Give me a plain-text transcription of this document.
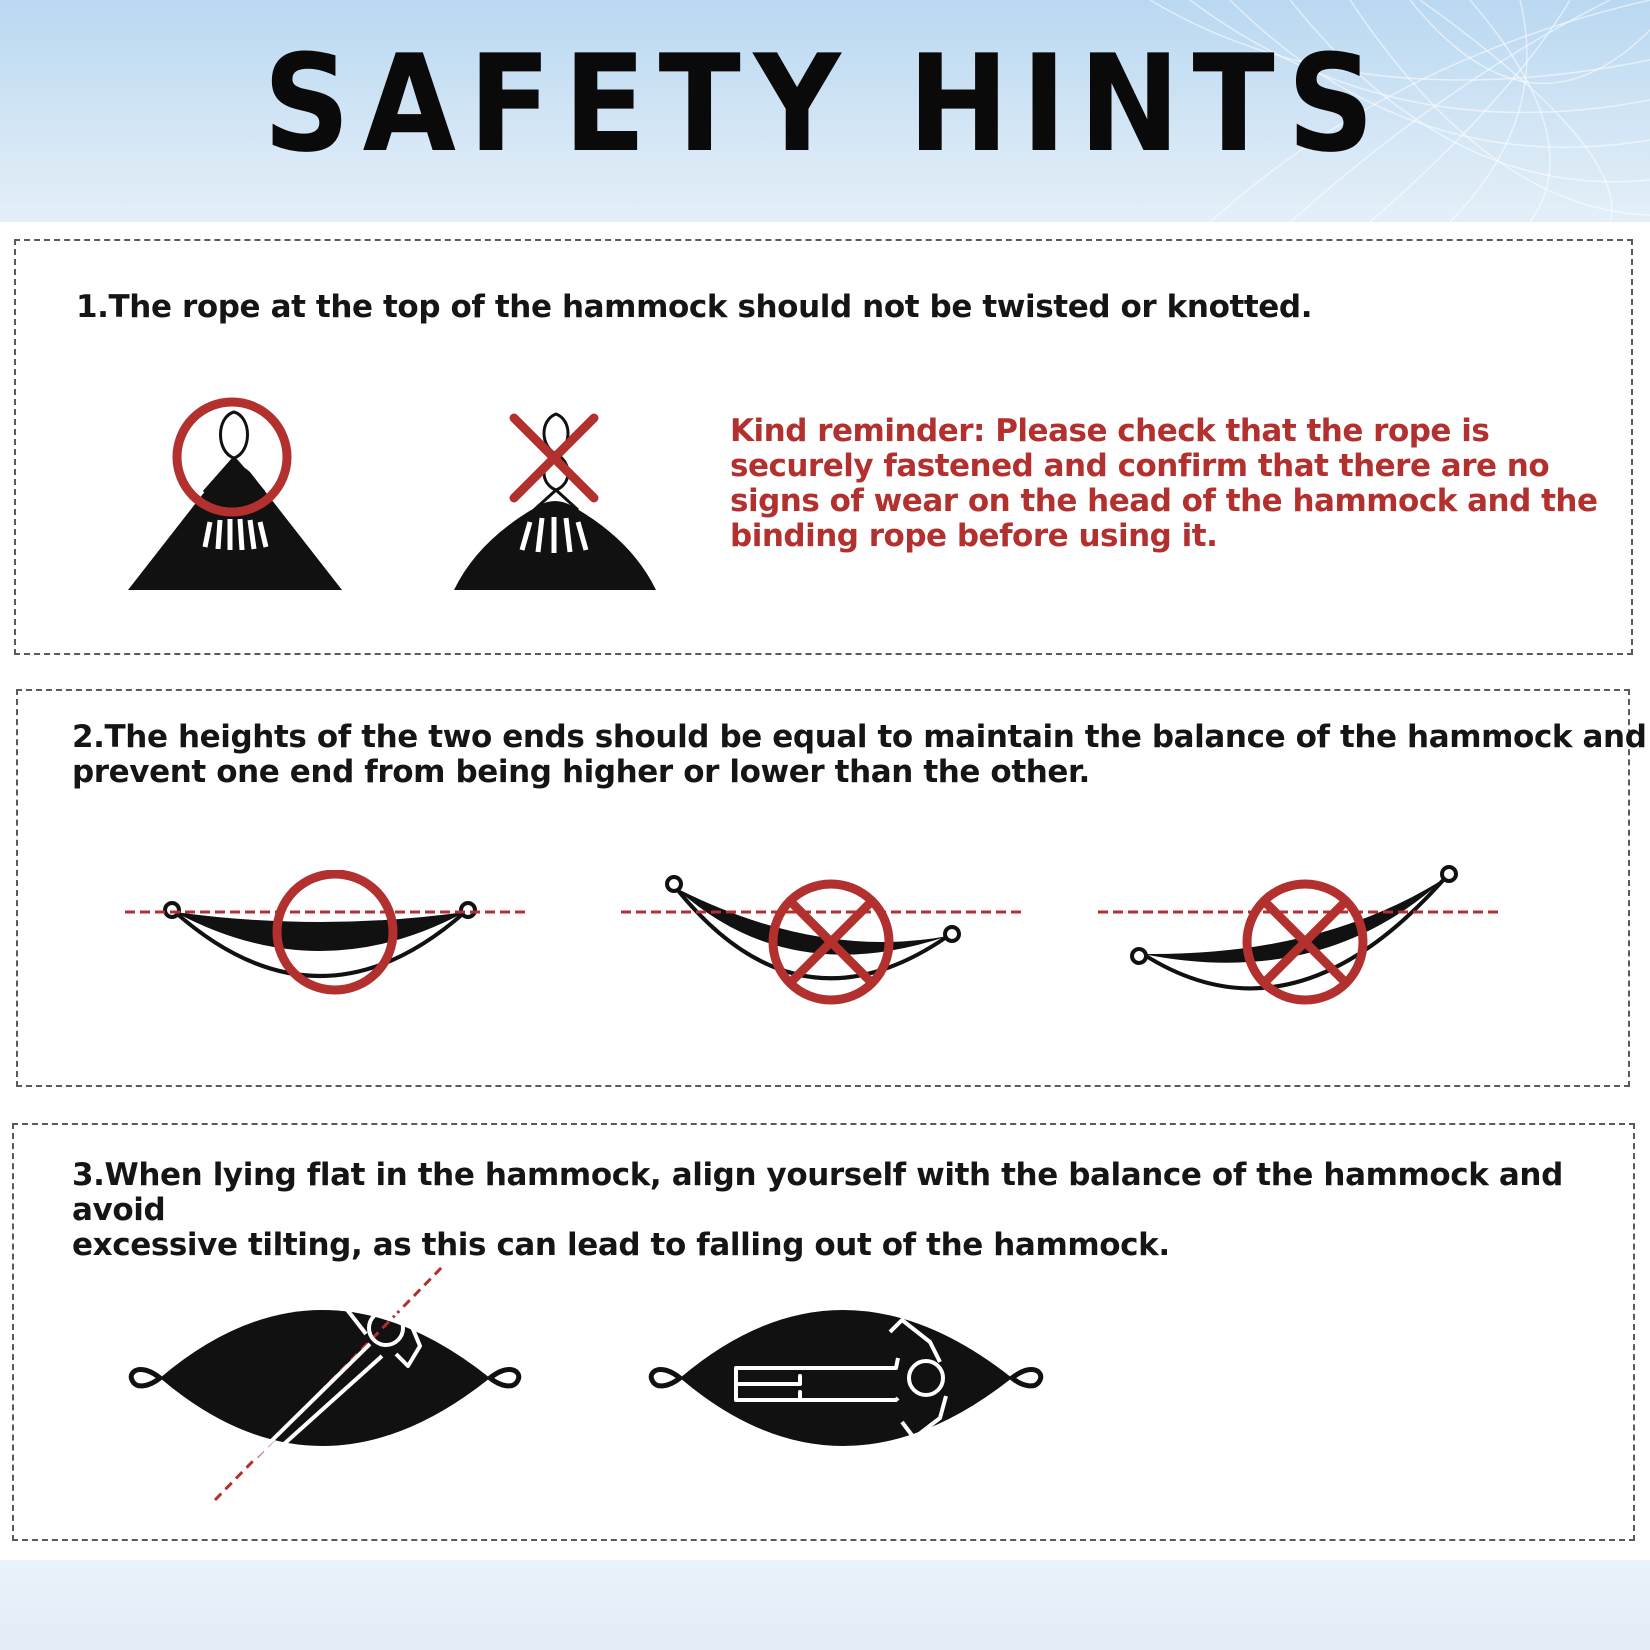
SAFETY HINTS
1.The rope at the top of the hammock should not be twisted or knotted.
Kind reminder: Please check that the rope is securely fastened and confirm that there are no signs of wear on the head of the hammock and the binding rope before using it.
2.The heights of the two ends should be equal to maintain the balance of the hammock and
prevent one end from being higher or lower than the other.
3.When lying flat in the hammock, align yourself with the balance of the hammock and avoid
excessive tilting, as this can lead to falling out of the hammock.
